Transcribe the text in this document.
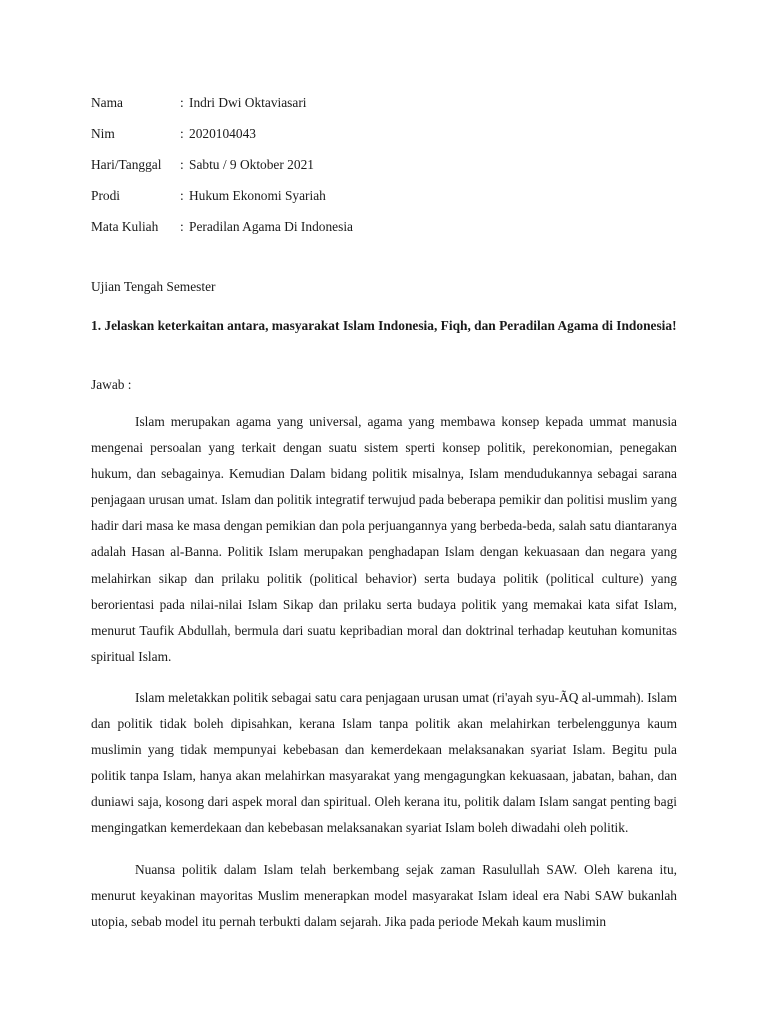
Nama	: Indri Dwi Oktaviasari
Nim	: 2020104043
Hari/Tanggal	: Sabtu / 9 Oktober 2021
Prodi	: Hukum Ekonomi Syariah
Mata Kuliah	: Peradilan Agama Di Indonesia
Ujian Tengah Semester
1. Jelaskan keterkaitan antara, masyarakat Islam Indonesia, Fiqh, dan Peradilan Agama di Indonesia!
Jawab :

Islam merupakan agama yang universal, agama yang membawa konsep kepada ummat manusia mengenai persoalan yang terkait dengan suatu sistem sperti konsep politik, perekonomian, penegakan hukum, dan sebagainya. Kemudian Dalam bidang politik misalnya, Islam mendudukannya sebagai sarana penjagaan urusan umat. Islam dan politik integratif terwujud pada beberapa pemikir dan politisi muslim yang hadir dari masa ke masa dengan pemikian dan pola perjuangannya yang berbeda-beda, salah satu diantaranya adalah Hasan al-Banna. Politik Islam merupakan penghadapan Islam dengan kekuasaan dan negara yang melahirkan sikap dan prilaku politik (political behavior) serta budaya politik (political culture) yang berorientasi pada nilai-nilai Islam Sikap dan prilaku serta budaya politik yang memakai kata sifat Islam, menurut Taufik Abdullah, bermula dari suatu kepribadian moral dan doktrinal terhadap keutuhan komunitas spiritual Islam.

Islam meletakkan politik sebagai satu cara penjagaan urusan umat (ri'ayah syu-ÃQ al-ummah). Islam dan politik tidak boleh dipisahkan, kerana Islam tanpa politik akan melahirkan terbelenggunya kaum muslimin yang tidak mempunyai kebebasan dan kemerdekaan melaksanakan syariat Islam. Begitu pula politik tanpa Islam, hanya akan melahirkan masyarakat yang mengagungkan kekuasaan, jabatan, bahan, dan duniawi saja, kosong dari aspek moral dan spiritual. Oleh kerana itu, politik dalam Islam sangat penting bagi mengingatkan kemerdekaan dan kebebasan melaksanakan syariat Islam boleh diwadahi oleh politik.

Nuansa politik dalam Islam telah berkembang sejak zaman Rasulullah SAW. Oleh karena itu, menurut keyakinan mayoritas Muslim menerapkan model masyarakat Islam ideal era Nabi SAW bukanlah utopia, sebab model itu pernah terbukti dalam sejarah. Jika pada periode Mekah kaum muslimin
